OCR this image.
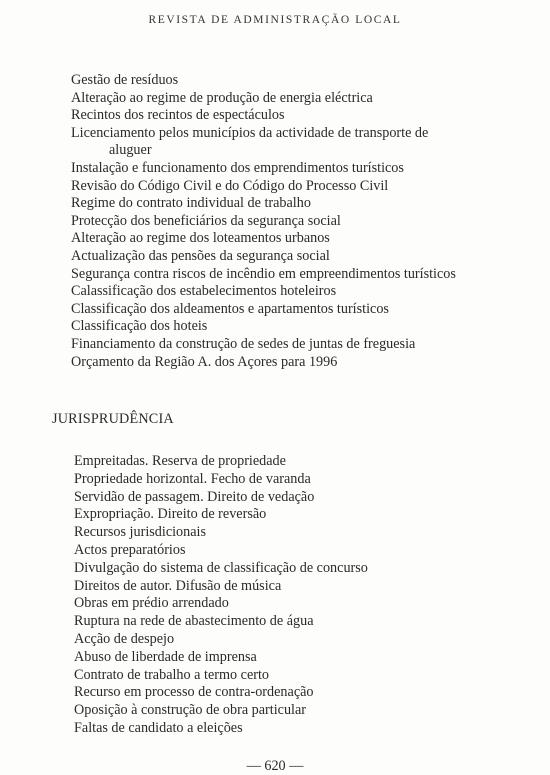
REVISTA DE ADMINISTRAÇÃO LOCAL
Gestão de resíduos
Alteração ao regime de produção de energia eléctrica
Recintos dos recintos de espectáculos
Licenciamento pelos municípios da actividade de transporte de
aluguer
Instalação e funcionamento dos emprendimentos turísticos
Revisão do Código Civil e do Código do Processo Civil
Regime do contrato individual de trabalho
Protecção dos beneficiários da segurança social
Alteração ao regime dos loteamentos urbanos
Actualização das pensões da segurança social
Segurança contra riscos de incêndio em empreendimentos turísticos
Calassificação dos estabelecimentos hoteleiros
Classificação dos aldeamentos e apartamentos turísticos
Classificação dos hoteis
Financiamento da construção de sedes de juntas de freguesia
Orçamento da Região A. dos Açores para 1996
JURISPRUDÊNCIA
Empreitadas. Reserva de propriedade
Propriedade horizontal. Fecho de varanda
Servidão de passagem. Direito de vedação
Expropriação. Direito de reversão
Recursos jurisdicionais
Actos preparatórios
Divulgação do sistema de classificação de concurso
Direitos de autor. Difusão de música
Obras em prédio arrendado
Ruptura na rede de abastecimento de água
Acção de despejo
Abuso de liberdade de imprensa
Contrato de trabalho a termo certo
Recurso em processo de contra-ordenação
Oposição à construção de obra particular
Faltas de candidato a eleições
— 620 —
